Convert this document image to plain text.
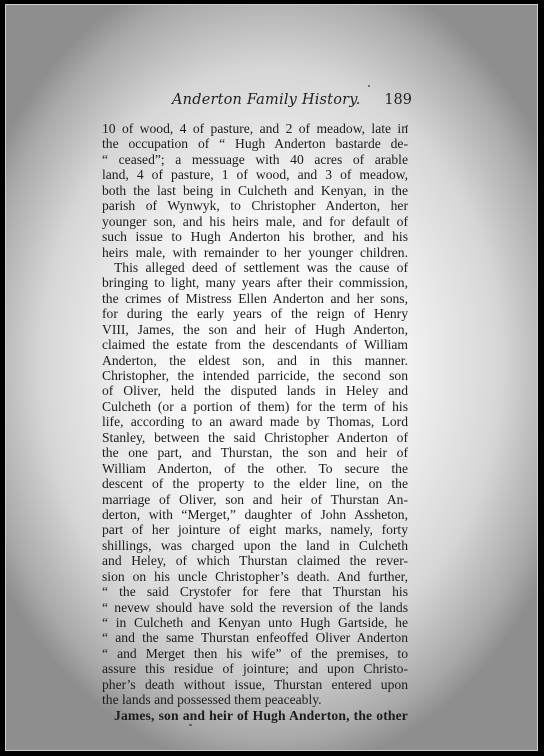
Anderton Family History. 189
10 of wood, 4 of pasture, and 2 of meadow, late in
the occupation of “ Hugh Anderton bastarde de-
“ ceased”; a messuage with 40 acres of arable
land, 4 of pasture, 1 of wood, and 3 of meadow,
both the last being in Culcheth and Kenyan, in the
parish of Wynwyk, to Christopher Anderton, her
younger son, and his heirs male, and for default of
such issue to Hugh Anderton his brother, and his
heirs male, with remainder to her younger children.
This alleged deed of settlement was the cause of
bringing to light, many years after their commission,
the crimes of Mistress Ellen Anderton and her sons,
for during the early years of the reign of Henry
VIII, James, the son and heir of Hugh Anderton,
claimed the estate from the descendants of William
Anderton, the eldest son, and in this manner.
Christopher, the intended parricide, the second son
of Oliver, held the disputed lands in Heley and
Culcheth (or a portion of them) for the term of his
life, according to an award made by Thomas, Lord
Stanley, between the said Christopher Anderton of
the one part, and Thurstan, the son and heir of
William Anderton, of the other. To secure the
descent of the property to the elder line, on the
marriage of Oliver, son and heir of Thurstan An-
derton, with “Merget,” daughter of John Assheton,
part of her jointure of eight marks, namely, forty
shillings, was charged upon the land in Culcheth
and Heley, of which Thurstan claimed the rever-
sion on his uncle Christopher’s death. And further,
“ the said Crystofer for fere that Thurstan his
“ nevew should have sold the reversion of the lands
“ in Culcheth and Kenyan unto Hugh Gartside, he
“ and the same Thurstan enfeoffed Oliver Anderton
“ and Merget then his wife” of the premises, to
assure this residue of jointure; and upon Christo-
pher’s death without issue, Thurstan entered upon
the lands and possessed them peaceably.
James, son and heir of Hugh Anderton, the other
